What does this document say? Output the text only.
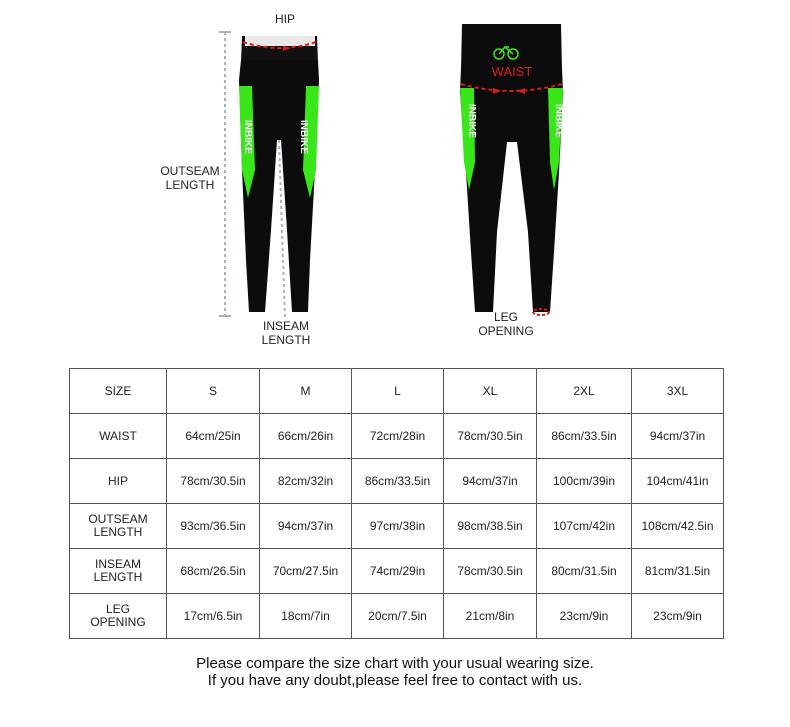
INBIKE	INBIKE
HIP
OUTSEAM
LENGTH
INSEAM
LENGTH
INBIKE	INBIKE
WAIST
LEG
OPENING
SIZE	S	M	L	XL	2XL	3XL
WAIST	64cm/25in	66cm/26in	72cm/28in	78cm/30.5in	86cm/33.5in	94cm/37in
HIP	78cm/30.5in	82cm/32in	86cm/33.5in	94cm/37in	100cm/39in	104cm/41in
OUTSEAM
LENGTH	93cm/36.5in	94cm/37in	97cm/38in	98cm/38.5in	107cm/42in	108cm/42.5in
INSEAM
LENGTH	68cm/26.5in	70cm/27.5in	74cm/29in	78cm/30.5in	80cm/31.5in	81cm/31.5in
LEG
OPENING	17cm/6.5in	18cm/7in	20cm/7.5in	21cm/8in	23cm/9in	23cm/9in
Please compare the size chart with your usual wearing size.
If you have any doubt,please feel free to contact with us.
